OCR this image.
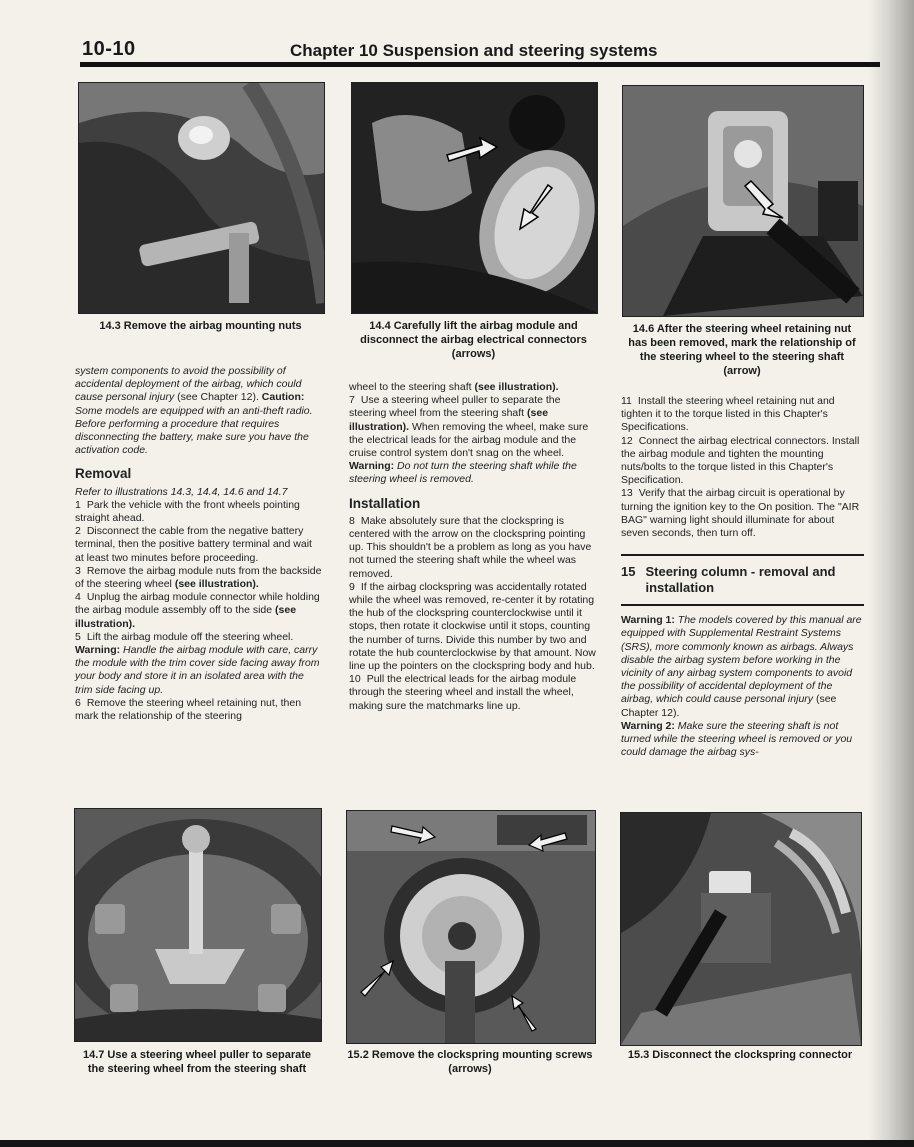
10-10	Chapter 10 Suspension and steering systems
14.3 Remove the airbag mounting nuts	14.4 Carefully lift the airbag module and disconnect the airbag electrical connectors (arrows)
14.6 After the steering wheel retaining nut has been removed, mark the relationship of the steering wheel to the steering shaft (arrow)

system components to avoid the possibility of accidental deployment of the airbag, which could cause personal injury (see Chapter 12). Caution: Some models are equipped with an anti-theft radio. Before performing a procedure that requires disconnecting the battery, make sure you have the activation code.

Removal

Refer to illustrations 14.3, 14.4, 14.6 and 14.7

1 Park the vehicle with the front wheels pointing straight ahead.

2 Disconnect the cable from the negative battery terminal, then the positive battery terminal and wait at least two minutes before proceeding.

3 Remove the airbag module nuts from the backside of the steering wheel (see illustration).

4 Unplug the airbag module connector while holding the airbag module assembly off to the side (see illustration).

5 Lift the airbag module off the steering wheel. Warning: Handle the airbag module with care, carry the module with the trim cover side facing away from your body and store it in an isolated area with the trim side facing up.

6 Remove the steering wheel retaining nut, then mark the relationship of the steering

wheel to the steering shaft (see illustration).

7 Use a steering wheel puller to separate the steering wheel from the steering shaft (see illustration). When removing the wheel, make sure the electrical leads for the airbag module and the cruise control system don't snag on the wheel. Warning: Do not turn the steering shaft while the steering wheel is removed.

Installation

8 Make absolutely sure that the clockspring is centered with the arrow on the clockspring pointing up. This shouldn't be a problem as long as you have not turned the steering shaft while the wheel was removed.

9 If the airbag clockspring was accidentally rotated while the wheel was removed, re-center it by rotating the hub of the clockspring counterclockwise until it stops, then rotate it clockwise until it stops, counting the number of turns. Divide this number by two and rotate the hub counterclockwise by that amount. Now line up the pointers on the clockspring body and hub.

10 Pull the electrical leads for the airbag module through the steering wheel and install the wheel, making sure the matchmarks line up.

11 Install the steering wheel retaining nut and tighten it to the torque listed in this Chapter's Specifications.

12 Connect the airbag electrical connectors. Install the airbag module and tighten the mounting nuts/bolts to the torque listed in this Chapter's Specification.

13 Verify that the airbag circuit is operational by turning the ignition key to the On position. The "AIR BAG" warning light should illuminate for about seven seconds, then turn off.

15 Steering column - removal and installation

Warning 1: The models covered by this manual are equipped with Supplemental Restraint Systems (SRS), more commonly known as airbags. Always disable the airbag system before working in the vicinity of any airbag system components to avoid the possibility of accidental deployment of the airbag, which could cause personal injury (see Chapter 12).

Warning 2: Make sure the steering shaft is not turned while the steering wheel is removed or you could damage the airbag sys-

14.7 Use a steering wheel puller to separate the steering wheel from the steering shaft
15.2 Remove the clockspring mounting screws (arrows)
15.3 Disconnect the clockspring connector
